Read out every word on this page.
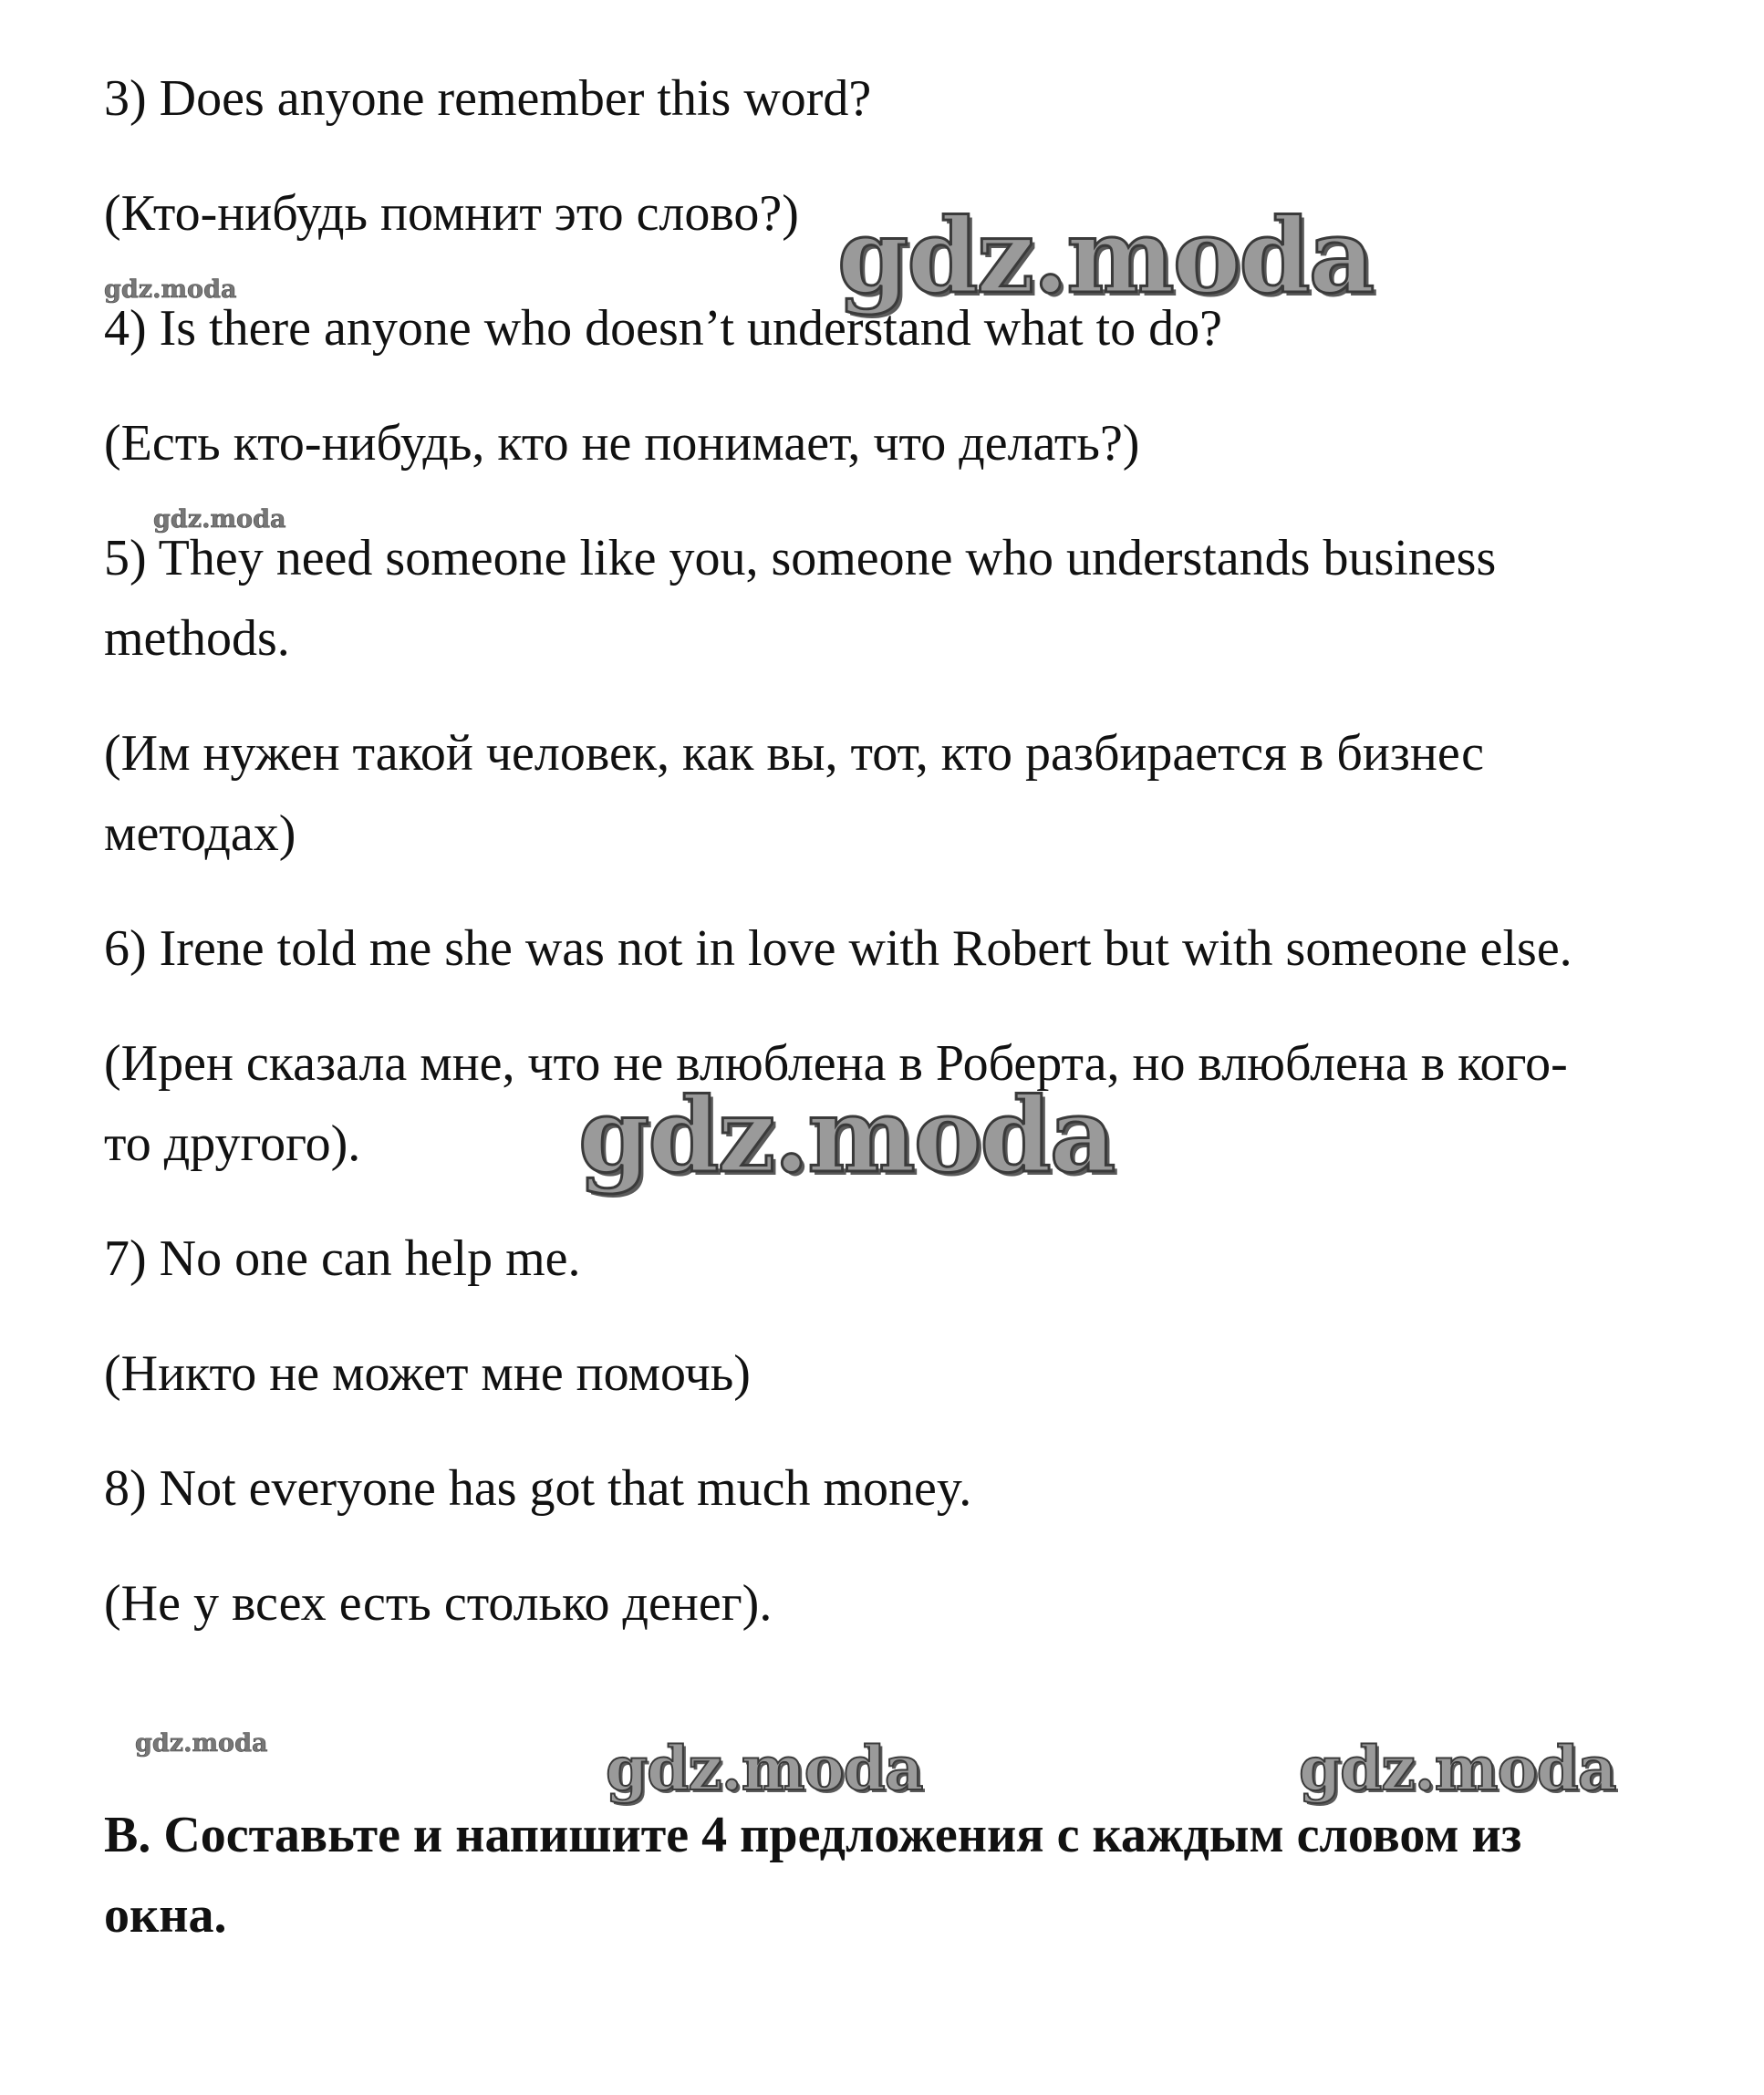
3) Does anyone remember this word?

(Кто-нибудь помнит это слово?)

4) Is there anyone who doesn’t understand what to do?

(Есть кто-нибудь, кто не понимает, что делать?)

5) They need someone like you, someone who understands business

methods.

(Им нужен такой человек, как вы, тот, кто разбирается в бизнес

методах)

6) Irene told me she was not in love with Robert but with someone else.

(Ирен сказала мне, что не влюблена в Роберта, но влюблена в кого-

то другого).

7) No one can help me.

(Никто не может мне помочь)

8) Not everyone has got that much money.

(Не у всех есть столько денег).

B. Составьте и напишите 4 предложения с каждым словом из

окна.

gdz.moda
gdz.moda
gdz.moda
gdz.moda
gdz.moda	gdz.moda	gdz.moda
